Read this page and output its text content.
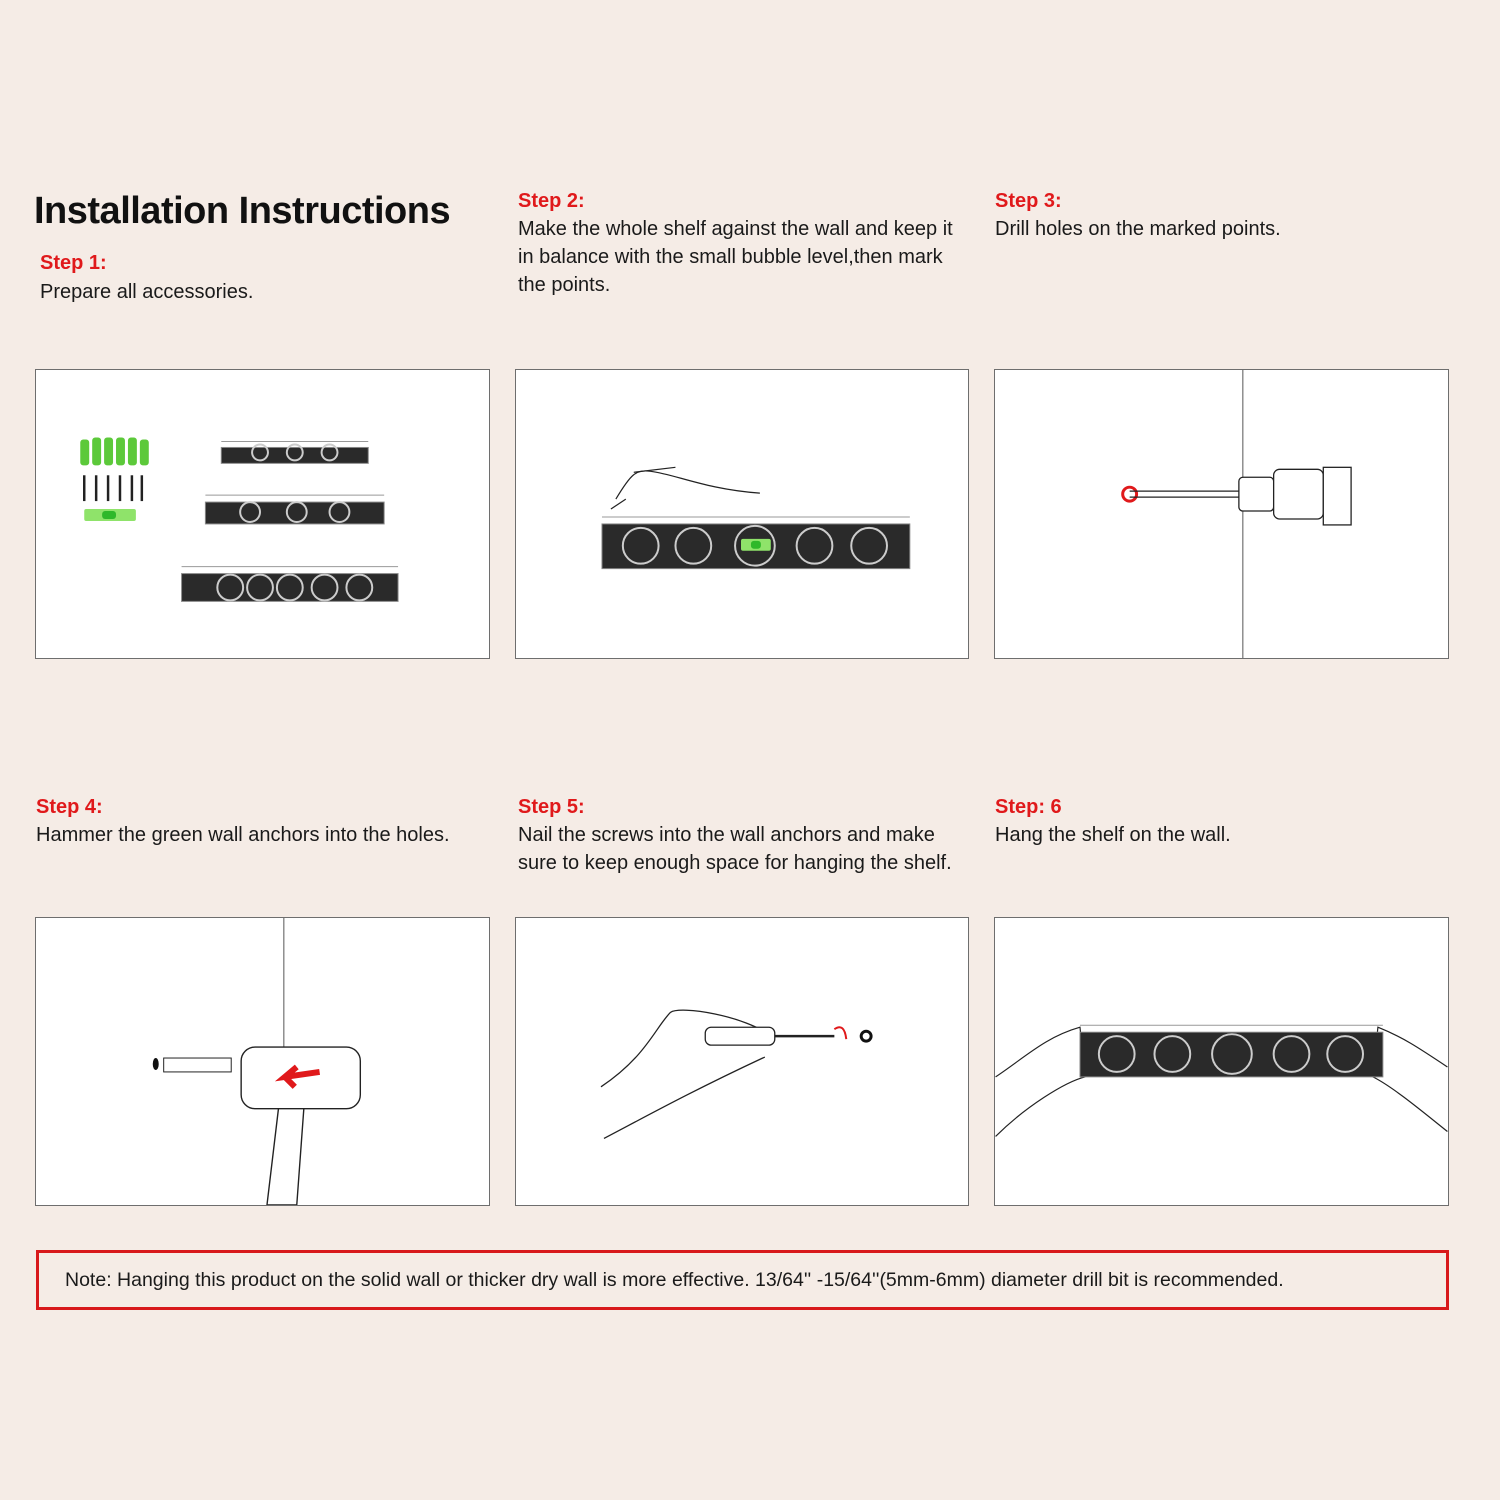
Installation Instructions
Step 1:
Prepare all accessories.
Step 2:
Make the whole shelf against the wall and keep it in balance with the small bubble level,then mark the points.
Step 3:
Drill holes on the marked points.
Step 4:
Hammer the green wall anchors into the holes.
Step 5:
Nail the screws into the wall anchors and make sure to keep enough space for hanging the shelf.
Step: 6
Hang the shelf on the wall.
Note: Hanging this product on the solid wall or thicker dry wall is more effective. 13/64'' -15/64''(5mm-6mm) diameter drill bit is recommended.
